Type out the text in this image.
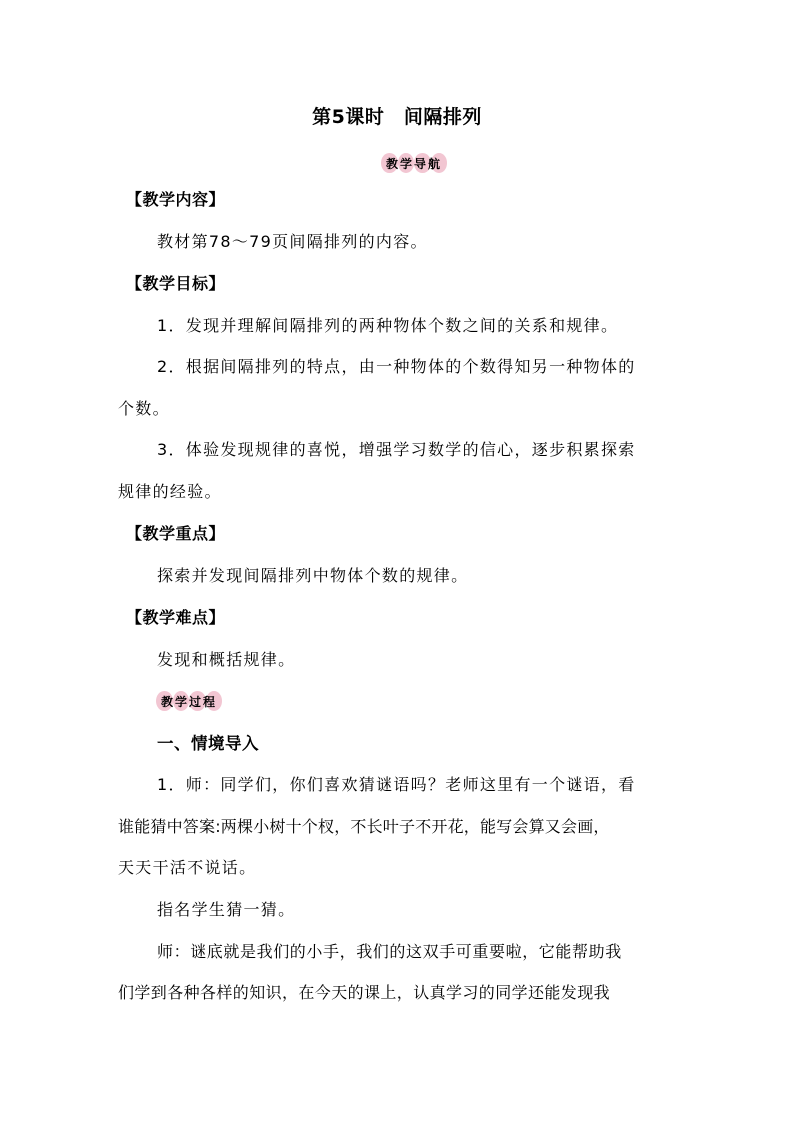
第5课时　间隔排列
教学导航
【教学内容】
教材第78～79页间隔排列的内容。
【教学目标】
1．发现并理解间隔排列的两种物体个数之间的关系和规律。
2．根据间隔排列的特点，由一种物体的个数得知另一种物体的
个数。
3．体验发现规律的喜悦，增强学习数学的信心，逐步积累探索
规律的经验。
【教学重点】
探索并发现间隔排列中物体个数的规律。
【教学难点】
发现和概括规律。
教学过程
一、情境导入
1．师：同学们，你们喜欢猜谜语吗？老师这里有一个谜语，看
谁能猜中答案:两棵小树十个杈，不长叶子不开花，能写会算又会画，
天天干活不说话。
指名学生猜一猜。
师：谜底就是我们的小手，我们的这双手可重要啦，它能帮助我
们学到各种各样的知识，在今天的课上，认真学习的同学还能发现我
